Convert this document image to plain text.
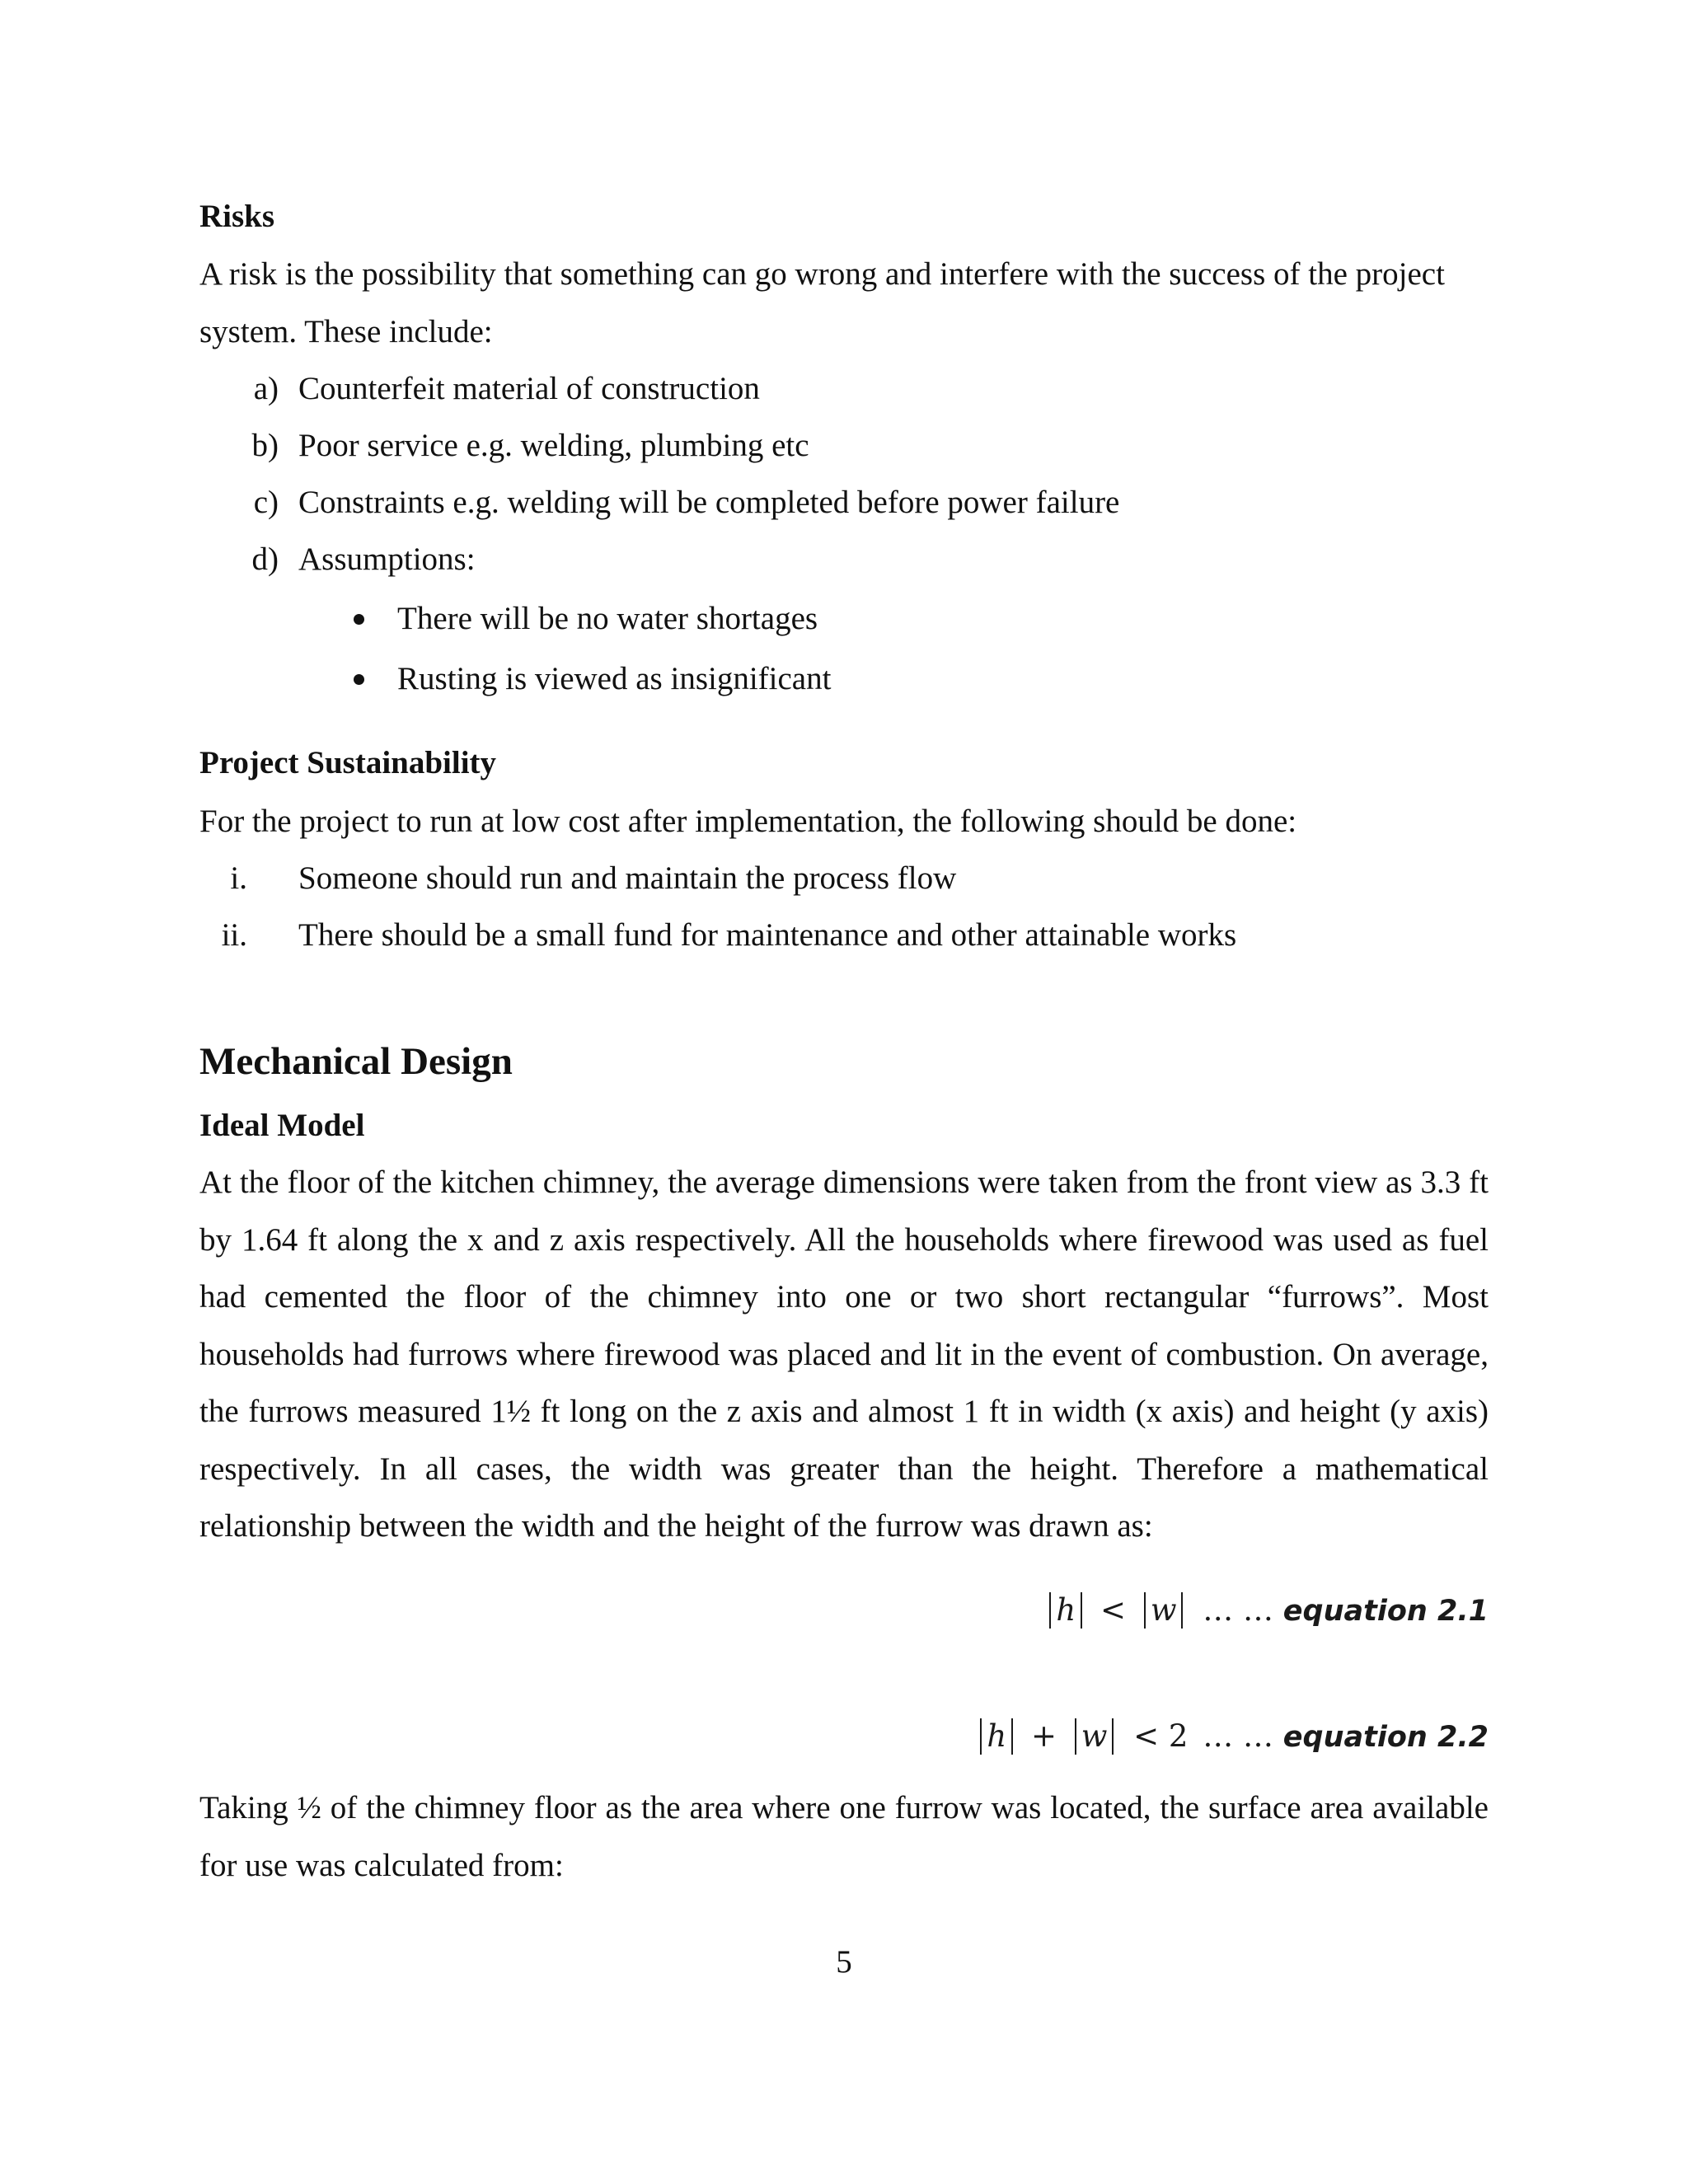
Risks

A risk is the possibility that something can go wrong and interfere with the success of the project system. These include:

a) Counterfeit material of construction
b) Poor service e.g. welding, plumbing etc
c) Constraints e.g. welding will be completed before power failure
d) Assumptions:
There will be no water shortages
Rusting is viewed as insignificant
Project Sustainability

For the project to run at low cost after implementation, the following should be done:

i. Someone should run and maintain the process flow
ii. There should be a small fund for maintenance and other attainable works
Mechanical Design
Ideal Model

At the floor of the kitchen chimney, the average dimensions were taken from the front view as 3.3 ft by 1.64 ft along the x and z axis respectively. All the households where firewood was used as fuel had cemented the floor of the chimney into one or two short rectangular “furrows”. Most households had furrows where firewood was placed and lit in the event of combustion. On average, the furrows measured 1½ ft long on the z axis and almost 1 ft in width (x axis) and height (y axis) respectively. In all cases, the width was greater than the height. Therefore a mathematical relationship between the width and the height of the furrow was drawn as:

h < w … … equation 2.1
h + w < 2 … … equation 2.2

Taking ½ of the chimney floor as the area where one furrow was located, the surface area available for use was calculated from:

5
